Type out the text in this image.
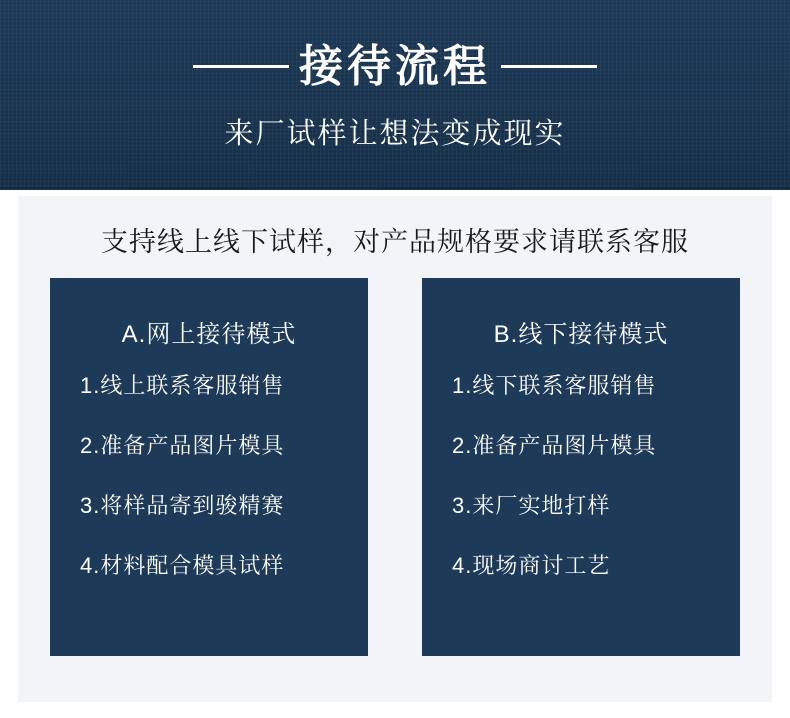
接待流程
来厂试样让想法变成现实
支持线上线下试样，对产品规格要求请联系客服
A.网上接待模式
1.线上联系客服销售
2.准备产品图片模具
3.将样品寄到骏精赛
4.材料配合模具试样
B.线下接待模式
1.线下联系客服销售
2.准备产品图片模具
3.来厂实地打样
4.现场商讨工艺
